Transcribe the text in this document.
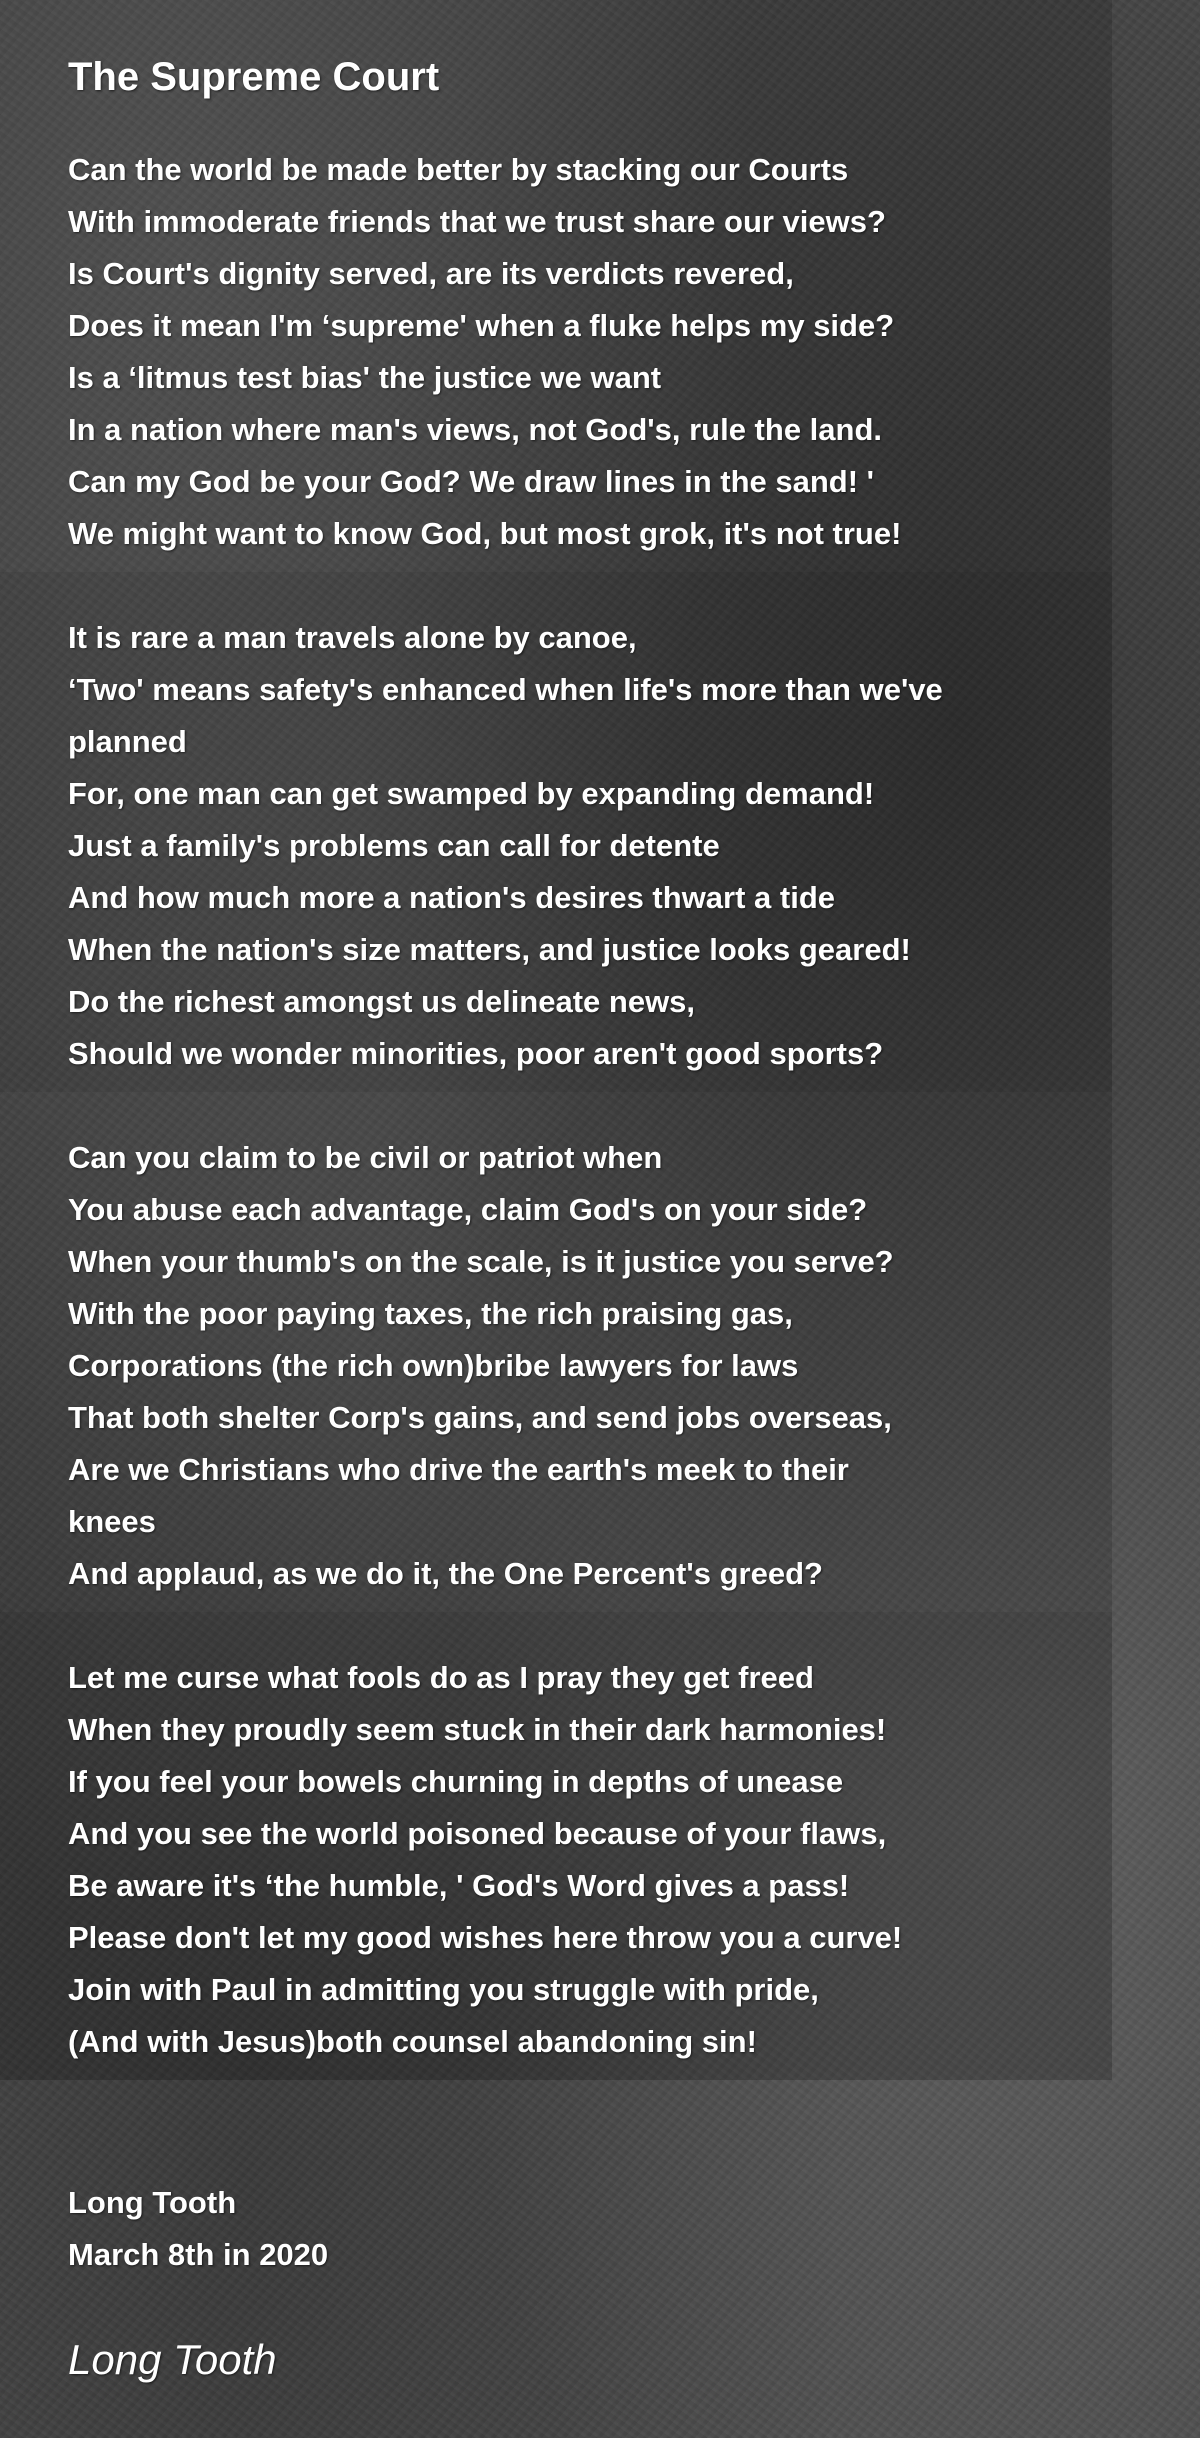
The Supreme Court
Can the world be made better by stacking our Courts
With immoderate friends that we trust share our views?
Is Court's dignity served, are its verdicts revered,
Does it mean I'm ‘supreme' when a fluke helps my side?
Is a ‘litmus test bias' the justice we want
In a nation where man's views, not God's, rule the land.
Can my God be your God? We draw lines in the sand! '
We might want to know God, but most grok, it's not true!
It is rare a man travels alone by canoe,
‘Two' means safety's enhanced when life's more than we've
planned
For, one man can get swamped by expanding demand!
Just a family's problems can call for detente
And how much more a nation's desires thwart a tide
When the nation's size matters, and justice looks geared!
Do the richest amongst us delineate news,
Should we wonder minorities, poor aren't good sports?
Can you claim to be civil or patriot when
You abuse each advantage, claim God's on your side?
When your thumb's on the scale, is it justice you serve?
With the poor paying taxes, the rich praising gas,
Corporations (the rich own)bribe lawyers for laws
That both shelter Corp's gains, and send jobs overseas,
Are we Christians who drive the earth's meek to their
knees
And applaud, as we do it, the One Percent's greed?
Let me curse what fools do as I pray they get freed
When they proudly seem stuck in their dark harmonies!
If you feel your bowels churning in depths of unease
And you see the world poisoned because of your flaws,
Be aware it's ‘the humble, ' God's Word gives a pass!
Please don't let my good wishes here throw you a curve!
Join with Paul in admitting you struggle with pride,
(And with Jesus)both counsel abandoning sin!
Long Tooth
March 8th in 2020
Long Tooth
